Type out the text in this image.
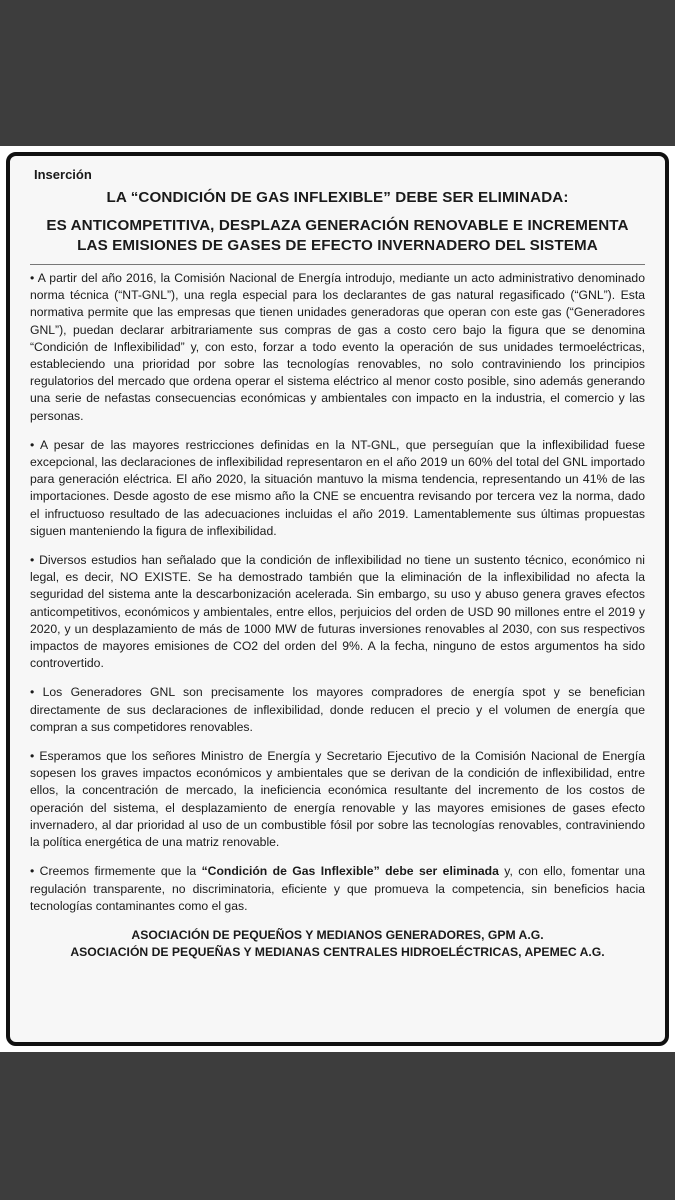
Inserción
LA “CONDICIÓN DE GAS INFLEXIBLE” DEBE SER ELIMINADA:
ES ANTICOMPETITIVA, DESPLAZA GENERACIÓN RENOVABLE E INCREMENTA LAS EMISIONES DE GASES DE EFECTO INVERNADERO DEL SISTEMA

• A partir del año 2016, la Comisión Nacional de Energía introdujo, mediante un acto administrativo denominado norma técnica (“NT-GNL”), una regla especial para los declarantes de gas natural regasificado (“GNL”). Esta normativa permite que las empresas que tienen unidades generadoras que operan con este gas (“Generadores GNL”), puedan declarar arbitrariamente sus compras de gas a costo cero bajo la figura que se denomina “Condición de Inflexibilidad” y, con esto, forzar a todo evento la operación de sus unidades termoeléctricas, estableciendo una prioridad por sobre las tecnologías renovables, no solo contraviniendo los principios regulatorios del mercado que ordena operar el sistema eléctrico al menor costo posible, sino además generando una serie de nefastas consecuencias económicas y ambientales con impacto en la industria, el comercio y las personas.

• A pesar de las mayores restricciones definidas en la NT-GNL, que perseguían que la inflexibilidad fuese excepcional, las declaraciones de inflexibilidad representaron en el año 2019 un 60% del total del GNL importado para generación eléctrica. El año 2020, la situación mantuvo la misma tendencia, representando un 41% de las importaciones. Desde agosto de ese mismo año la CNE se encuentra revisando por tercera vez la norma, dado el infructuoso resultado de las adecuaciones incluidas el año 2019. Lamentablemente sus últimas propuestas siguen manteniendo la figura de inflexibilidad.

• Diversos estudios han señalado que la condición de inflexibilidad no tiene un sustento técnico, económico ni legal, es decir, NO EXISTE. Se ha demostrado también que la eliminación de la inflexibilidad no afecta la seguridad del sistema ante la descarbonización acelerada. Sin embargo, su uso y abuso genera graves efectos anticompetitivos, económicos y ambientales, entre ellos, perjuicios del orden de USD 90 millones entre el 2019 y 2020, y un desplazamiento de más de 1000 MW de futuras inversiones renovables al 2030, con sus respectivos impactos de mayores emisiones de CO2 del orden del 9%. A la fecha, ninguno de estos argumentos ha sido controvertido.

• Los Generadores GNL son precisamente los mayores compradores de energía spot y se benefician directamente de sus declaraciones de inflexibilidad, donde reducen el precio y el volumen de energía que compran a sus competidores renovables.

• Esperamos que los señores Ministro de Energía y Secretario Ejecutivo de la Comisión Nacional de Energía sopesen los graves impactos económicos y ambientales que se derivan de la condición de inflexibilidad, entre ellos, la concentración de mercado, la ineficiencia económica resultante del incremento de los costos de operación del sistema, el desplazamiento de energía renovable y las mayores emisiones de gases efecto invernadero, al dar prioridad al uso de un combustible fósil por sobre las tecnologías renovables, contraviniendo la política energética de una matriz renovable.

• Creemos firmemente que la “Condición de Gas Inflexible” debe ser eliminada y, con ello, fomentar una regulación transparente, no discriminatoria, eficiente y que promueva la competencia, sin beneficios hacia tecnologías contaminantes como el gas.

ASOCIACIÓN DE PEQUEÑOS Y MEDIANOS GENERADORES, GPM A.G.
ASOCIACIÓN DE PEQUEÑAS Y MEDIANAS CENTRALES HIDROELÉCTRICAS, APEMEC A.G.
